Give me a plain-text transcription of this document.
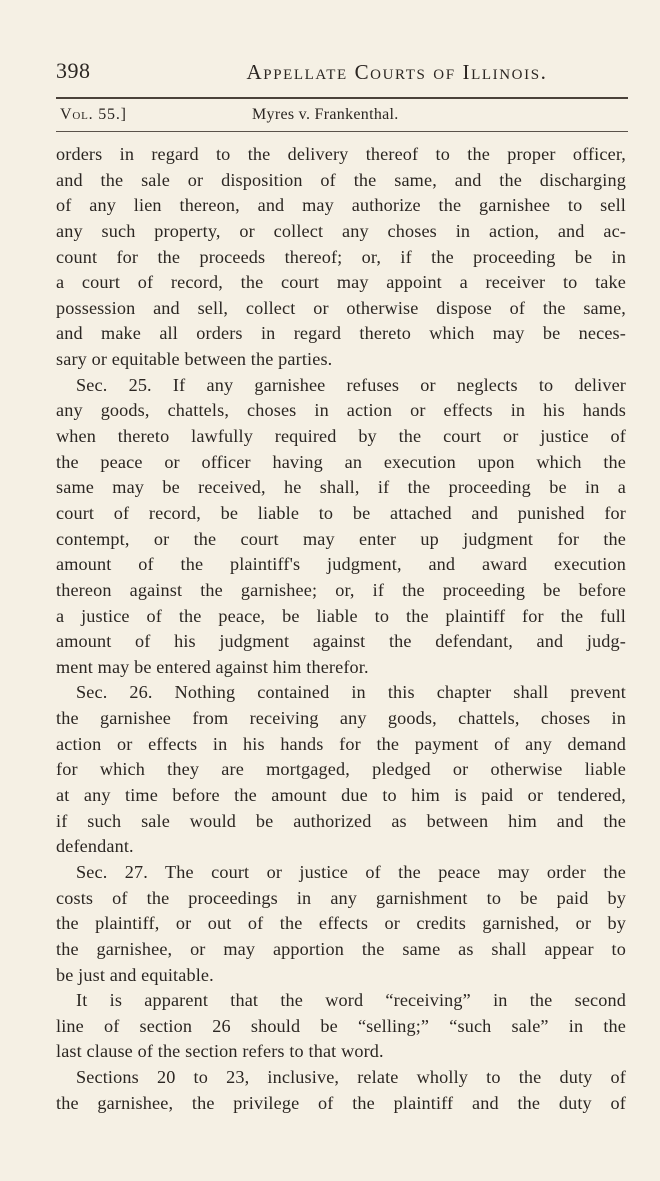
398	Appellate Courts of Illinois.
Vol. 55.]	Myres v. Frankenthal.
orders in regard to the delivery thereof to the proper officer,
and the sale or disposition of the same, and the discharging
of any lien thereon, and may authorize the garnishee to sell
any such property, or collect any choses in action, and ac-
count for the proceeds thereof; or, if the proceeding be in
a court of record, the court may appoint a receiver to take
possession and sell, collect or otherwise dispose of the same,
and make all orders in regard thereto which may be neces-
sary or equitable between the parties.
Sec. 25. If any garnishee refuses or neglects to deliver
any goods, chattels, choses in action or effects in his hands
when thereto lawfully required by the court or justice of
the peace or officer having an execution upon which the
same may be received, he shall, if the proceeding be in a
court of record, be liable to be attached and punished for
contempt, or the court may enter up judgment for the
amount of the plaintiff's judgment, and award execution
thereon against the garnishee; or, if the proceeding be before
a justice of the peace, be liable to the plaintiff for the full
amount of his judgment against the defendant, and judg-
ment may be entered against him therefor.
Sec. 26. Nothing contained in this chapter shall prevent
the garnishee from receiving any goods, chattels, choses in
action or effects in his hands for the payment of any demand
for which they are mortgaged, pledged or otherwise liable
at any time before the amount due to him is paid or tendered,
if such sale would be authorized as between him and the
defendant.
Sec. 27. The court or justice of the peace may order the
costs of the proceedings in any garnishment to be paid by
the plaintiff, or out of the effects or credits garnished, or by
the garnishee, or may apportion the same as shall appear to
be just and equitable.
It is apparent that the word “receiving” in the second
line of section 26 should be “selling;” “such sale” in the
last clause of the section refers to that word.
Sections 20 to 23, inclusive, relate wholly to the duty of
the garnishee, the privilege of the plaintiff and the duty of
